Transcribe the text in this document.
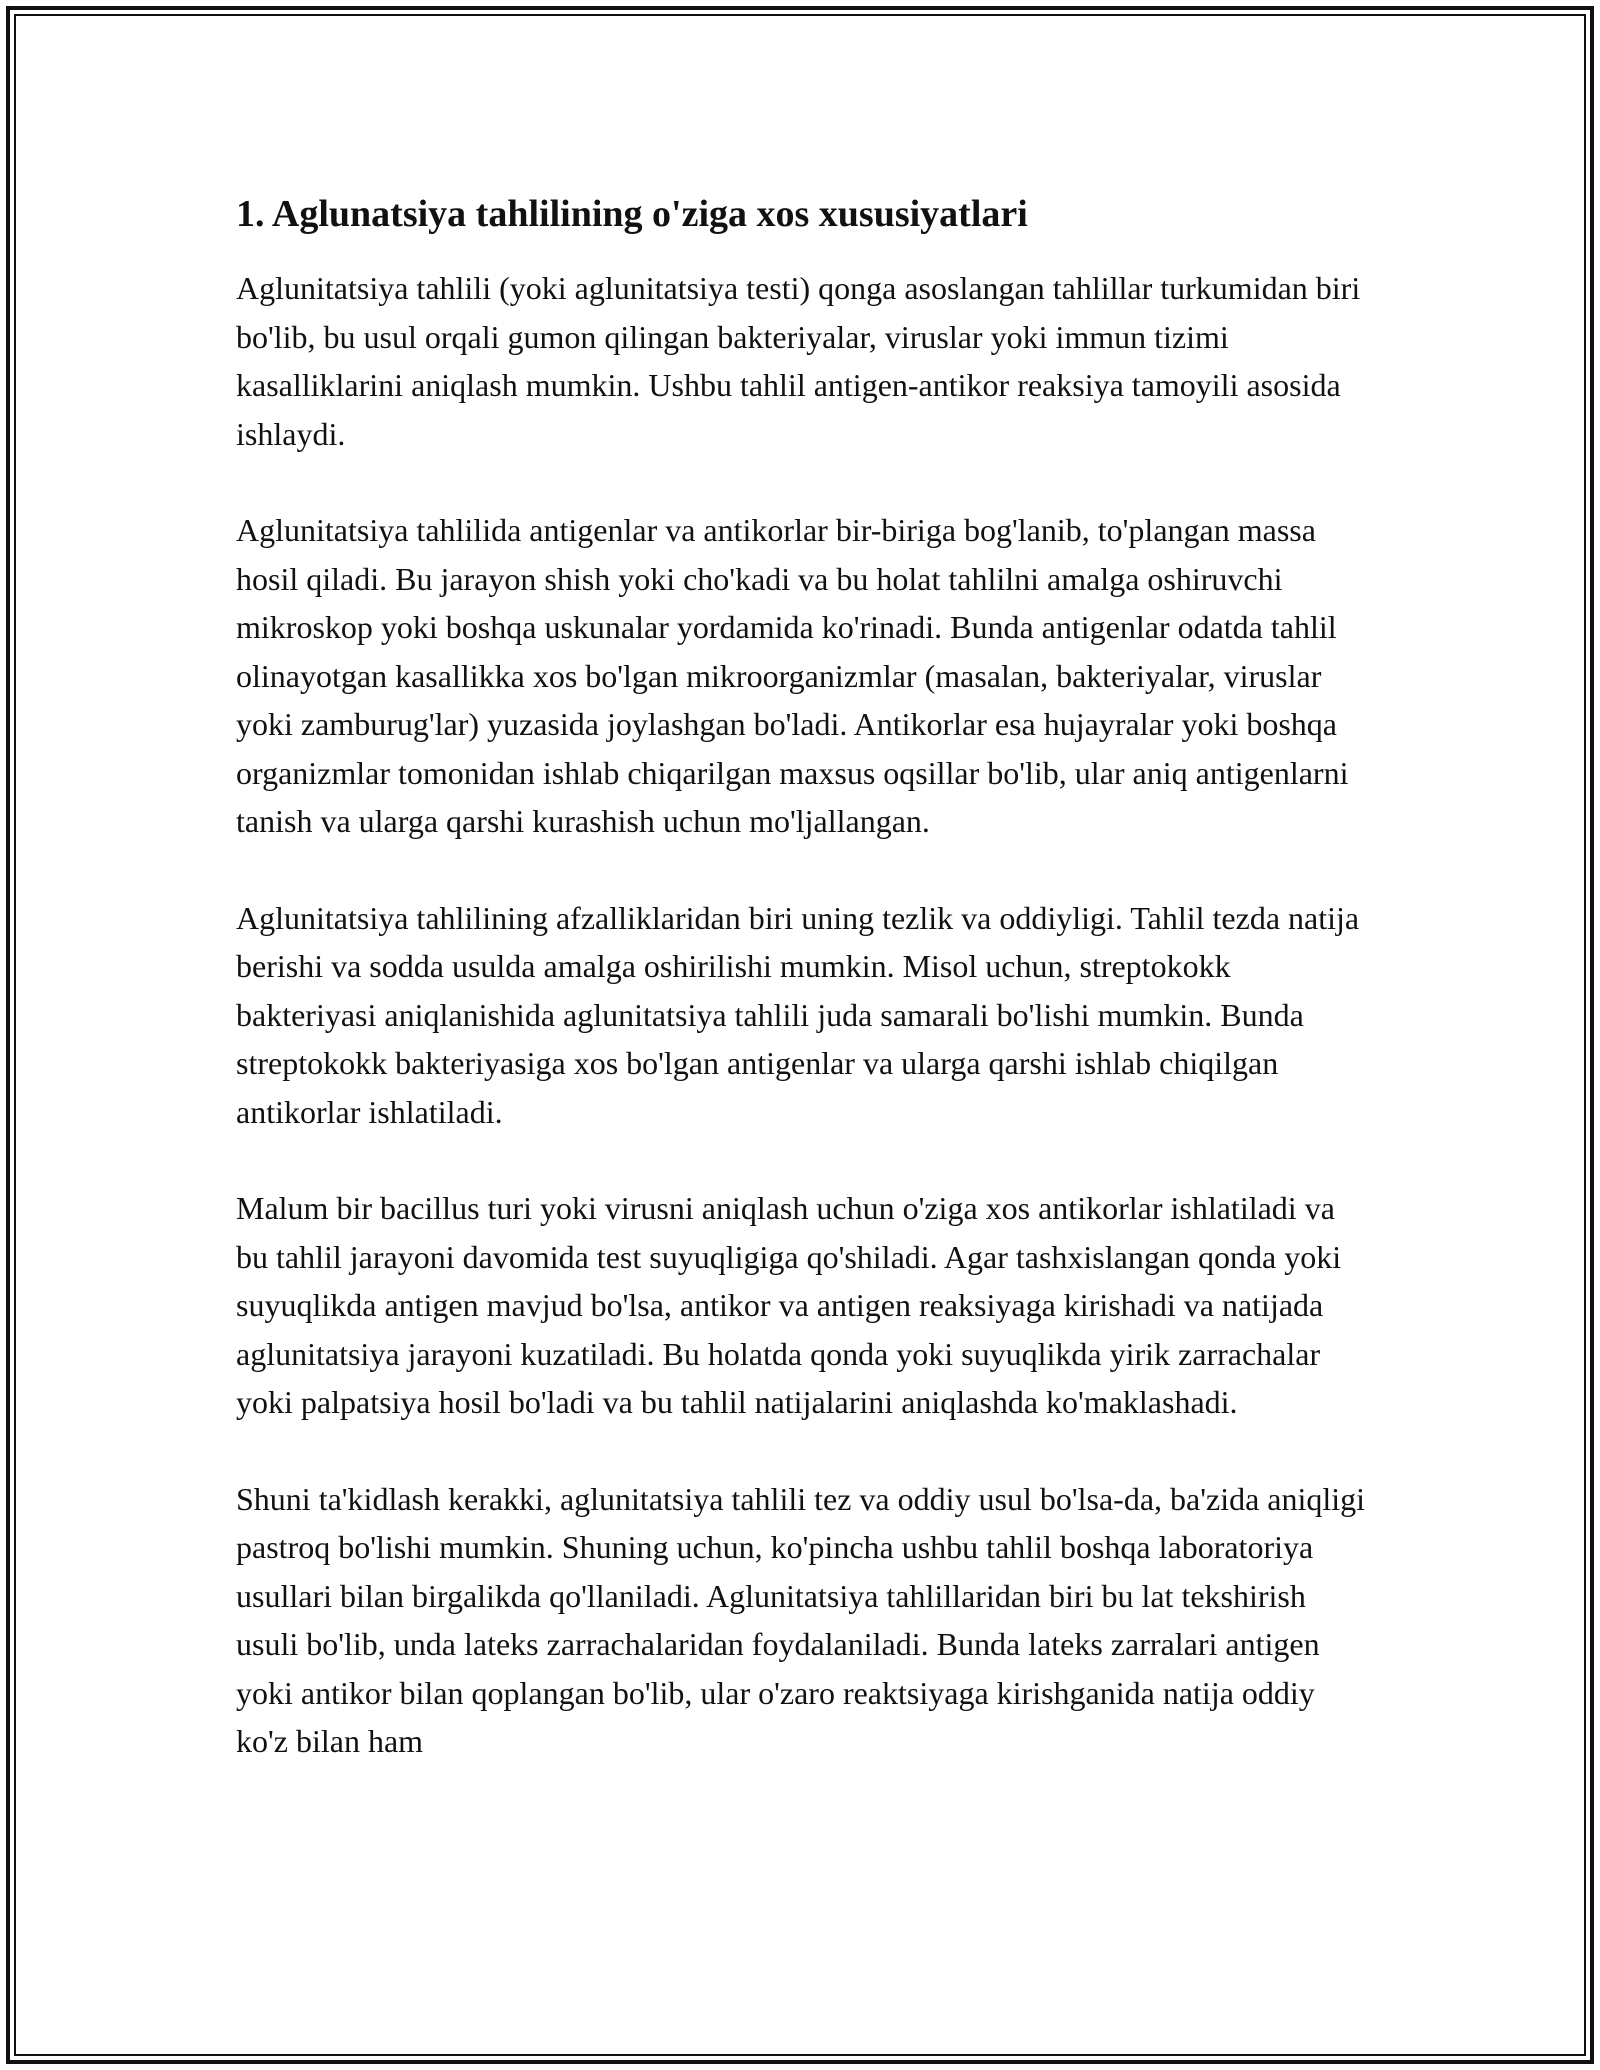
1. Aglunatsiya tahlilining o'ziga xos xususiyatlari

Aglunitatsiya tahlili (yoki aglunitatsiya testi) qonga asoslangan tahlillar turkumidan biri bo'lib, bu usul orqali gumon qilingan bakteriyalar, viruslar yoki immun tizimi kasalliklarini aniqlash mumkin. Ushbu tahlil antigen-antikor reaksiya tamoyili asosida ishlaydi.

Aglunitatsiya tahlilida antigenlar va antikorlar bir-biriga bog'lanib, to'plangan massa hosil qiladi. Bu jarayon shish yoki cho'kadi va bu holat tahlilni amalga oshiruvchi mikroskop yoki boshqa uskunalar yordamida ko'rinadi. Bunda antigenlar odatda tahlil olinayotgan kasallikka xos bo'lgan mikroorganizmlar (masalan, bakteriyalar, viruslar yoki zamburug'lar) yuzasida joylashgan bo'ladi. Antikorlar esa hujayralar yoki boshqa organizmlar tomonidan ishlab chiqarilgan maxsus oqsillar bo'lib, ular aniq antigenlarni tanish va ularga qarshi kurashish uchun mo'ljallangan.

Aglunitatsiya tahlilining afzalliklaridan biri uning tezlik va oddiyligi. Tahlil tezda natija berishi va sodda usulda amalga oshirilishi mumkin. Misol uchun, streptokokk bakteriyasi aniqlanishida aglunitatsiya tahlili juda samarali bo'lishi mumkin. Bunda streptokokk bakteriyasiga xos bo'lgan antigenlar va ularga qarshi ishlab chiqilgan antikorlar ishlatiladi.

Malum bir bacillus turi yoki virusni aniqlash uchun o'ziga xos antikorlar ishlatiladi va bu tahlil jarayoni davomida test suyuqligiga qo'shiladi. Agar tashxislangan qonda yoki suyuqlikda antigen mavjud bo'lsa, antikor va antigen reaksiyaga kirishadi va natijada aglunitatsiya jarayoni kuzatiladi. Bu holatda qonda yoki suyuqlikda yirik zarrachalar yoki palpatsiya hosil bo'ladi va bu tahlil natijalarini aniqlashda ko'maklashadi.

Shuni ta'kidlash kerakki, aglunitatsiya tahlili tez va oddiy usul bo'lsa-da, ba'zida aniqligi pastroq bo'lishi mumkin. Shuning uchun, ko'pincha ushbu tahlil boshqa laboratoriya usullari bilan birgalikda qo'llaniladi. Aglunitatsiya tahlillaridan biri bu lat tekshirish usuli bo'lib, unda lateks zarrachalaridan foydalaniladi. Bunda lateks zarralari antigen yoki antikor bilan qoplangan bo'lib, ular o'zaro reaktsiyaga kirishganida natija oddiy ko'z bilan ham
